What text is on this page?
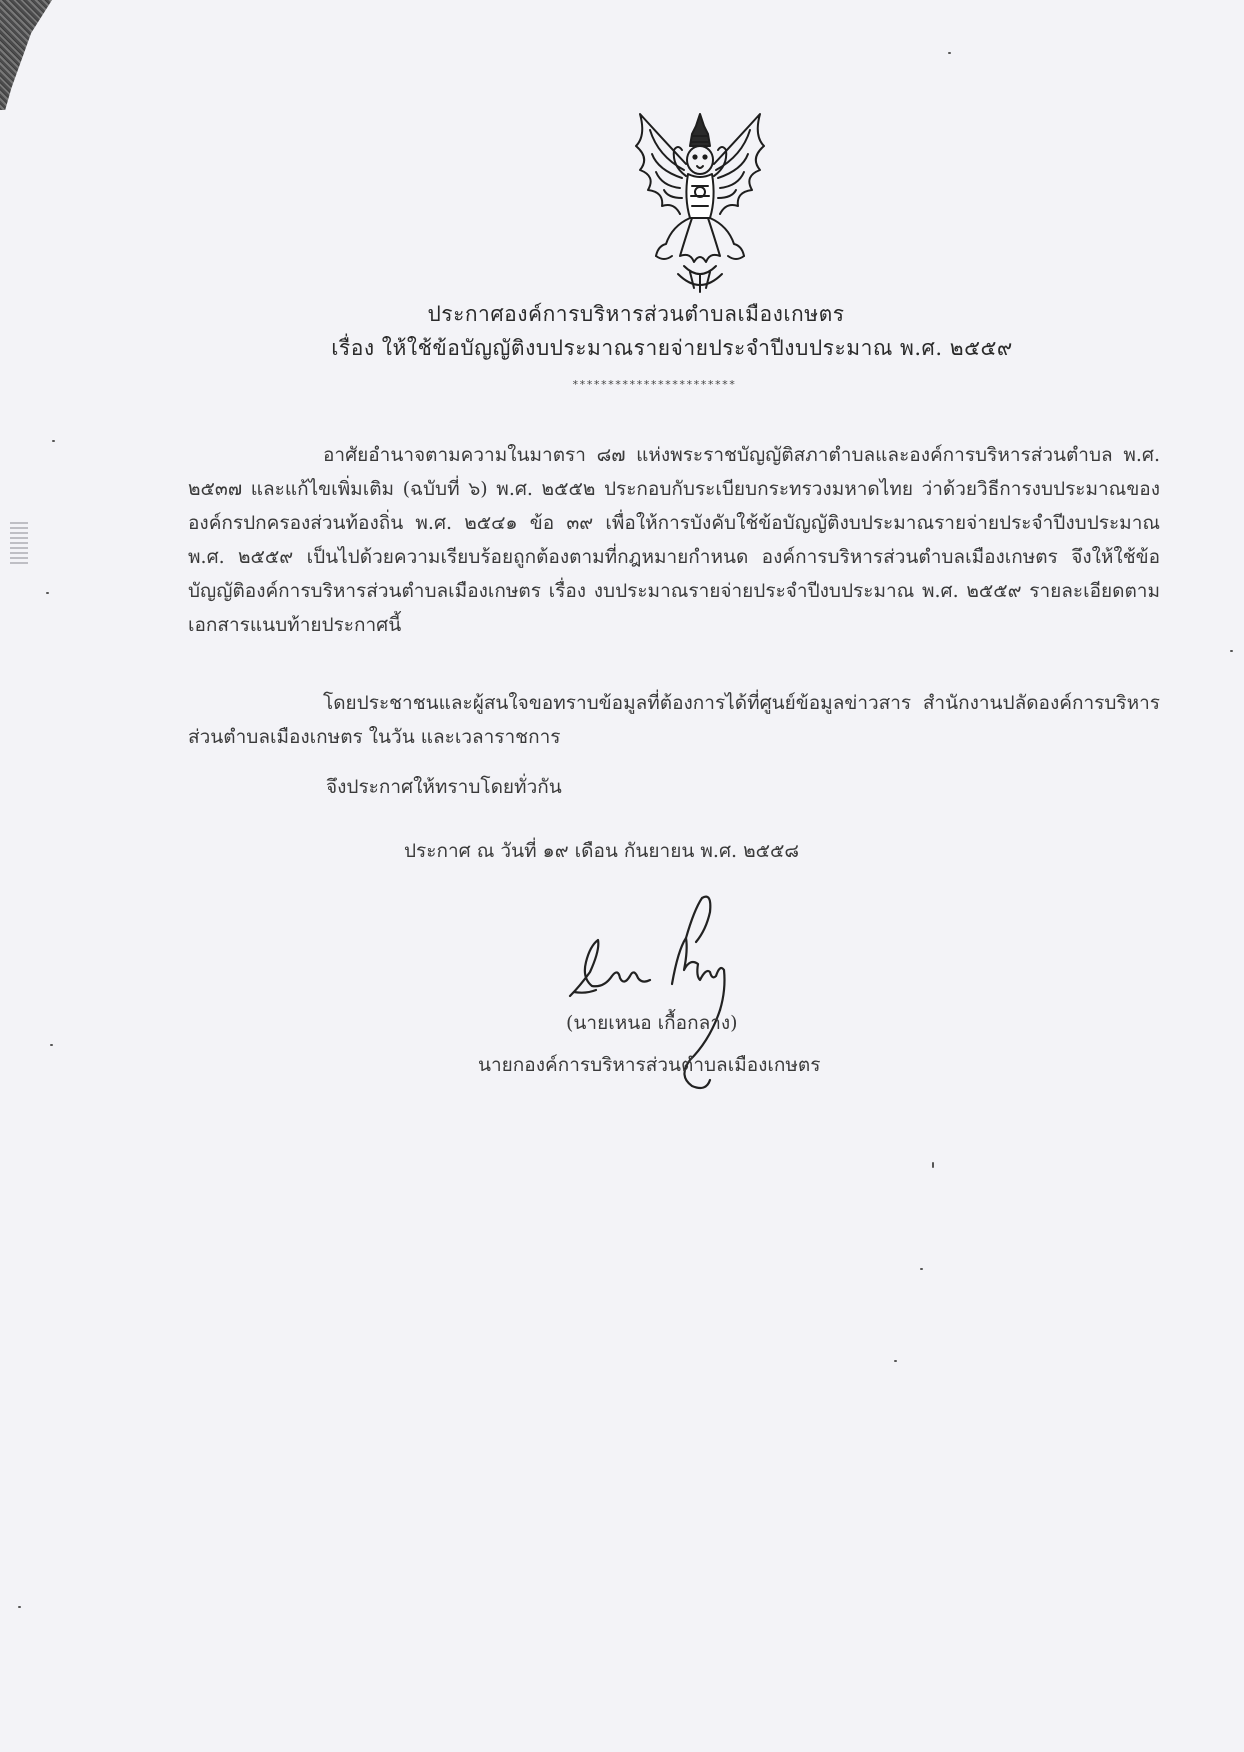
ประกาศองค์การบริหารส่วนตำบลเมืองเกษตร
เรื่อง ให้ใช้ข้อบัญญัติงบประมาณรายจ่ายประจำปีงบประมาณ พ.ศ. ๒๕๕๙
***********************
อาศัยอำนาจตามความในมาตรา ๘๗ แห่งพระราชบัญญัติสภาตำบลและองค์การบริหารส่วนตำบล พ.ศ. ๒๕๓๗ และแก้ไขเพิ่มเติม (ฉบับที่ ๖) พ.ศ. ๒๕๕๒ ประกอบกับระเบียบกระทรวงมหาดไทย ว่าด้วยวิธีการงบประมาณขององค์กรปกครองส่วนท้องถิ่น พ.ศ. ๒๕๔๑ ข้อ ๓๙ เพื่อให้การบังคับใช้ข้อบัญญัติงบประมาณรายจ่ายประจำปีงบประมาณ พ.ศ. ๒๕๕๙ เป็นไปด้วยความเรียบร้อยถูกต้องตามที่กฎหมายกำหนด องค์การบริหารส่วนตำบลเมืองเกษตร จึงให้ใช้ข้อบัญญัติองค์การบริหารส่วนตำบลเมืองเกษตร เรื่อง งบประมาณรายจ่ายประจำปีงบประมาณ พ.ศ. ๒๕๕๙ รายละเอียดตามเอกสารแนบท้ายประกาศนี้
โดยประชาชนและผู้สนใจขอทราบข้อมูลที่ต้องการได้ที่ศูนย์ข้อมูลข่าวสาร สำนักงานปลัดองค์การบริหารส่วนตำบลเมืองเกษตร ในวัน และเวลาราชการ
จึงประกาศให้ทราบโดยทั่วกัน
ประกาศ ณ วันที่ ๑๙ เดือน กันยายน พ.ศ. ๒๕๕๘
(นายเหนอ เกื้อกลาง)
นายกองค์การบริหารส่วนตำบลเมืองเกษตร
